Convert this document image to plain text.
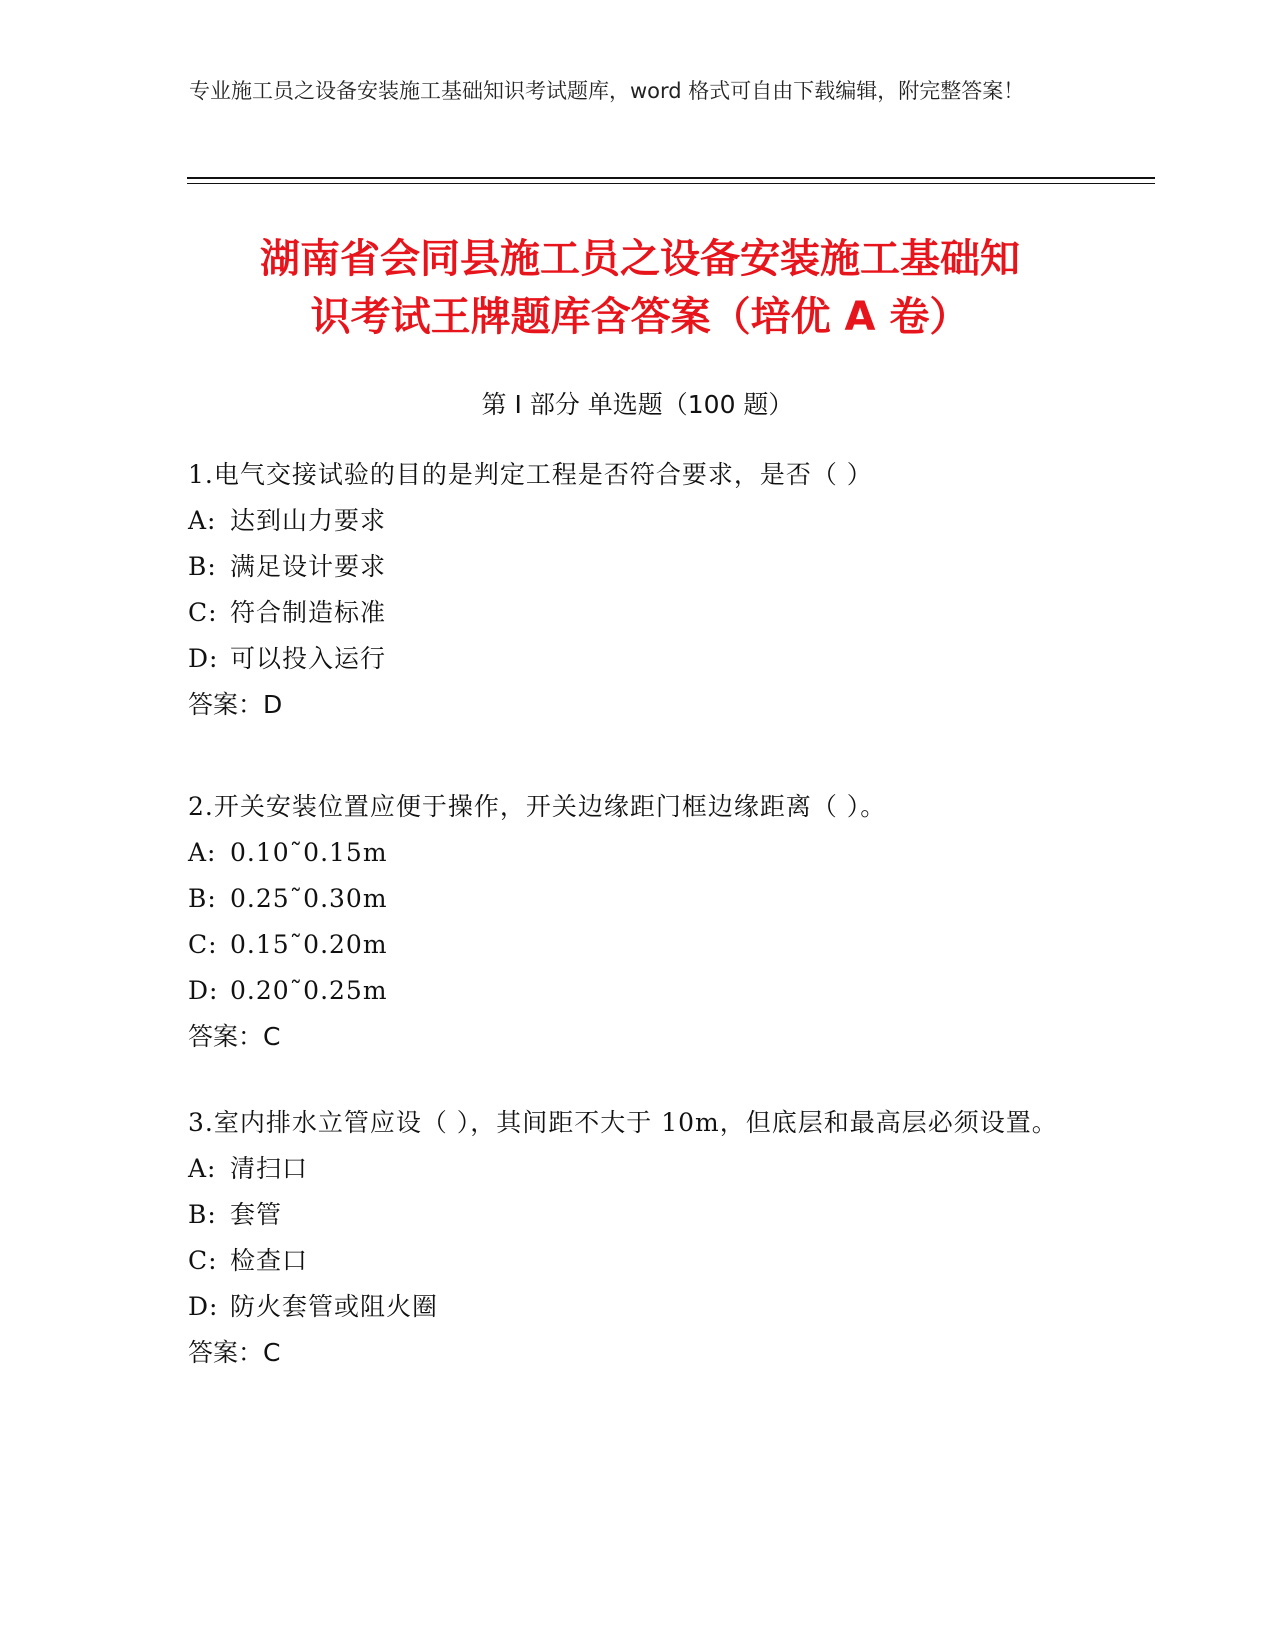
专业施工员之设备安装施工基础知识考试题库，word 格式可自由下载编辑，附完整答案！
湖南省会同县施工员之设备安装施工基础知
识考试王牌题库含答案（培优 A 卷）
第 I 部分 单选题（100 题）
1.电气交接试验的目的是判定工程是否符合要求，是否（ ）
A: 达到山力要求
B: 满足设计要求
C: 符合制造标准
D: 可以投入运行
答案：D
2.开关安装位置应便于操作，开关边缘距门框边缘距离（ ）。
A: 0.10˜0.15m
B: 0.25˜0.30m
C: 0.15˜0.20m
D: 0.20˜0.25m
答案：C
3.室内排水立管应设（ ），其间距不大于 10m，但底层和最高层必须设置。
A: 清扫口
B: 套管
C: 检查口
D: 防火套管或阻火圈
答案：C
